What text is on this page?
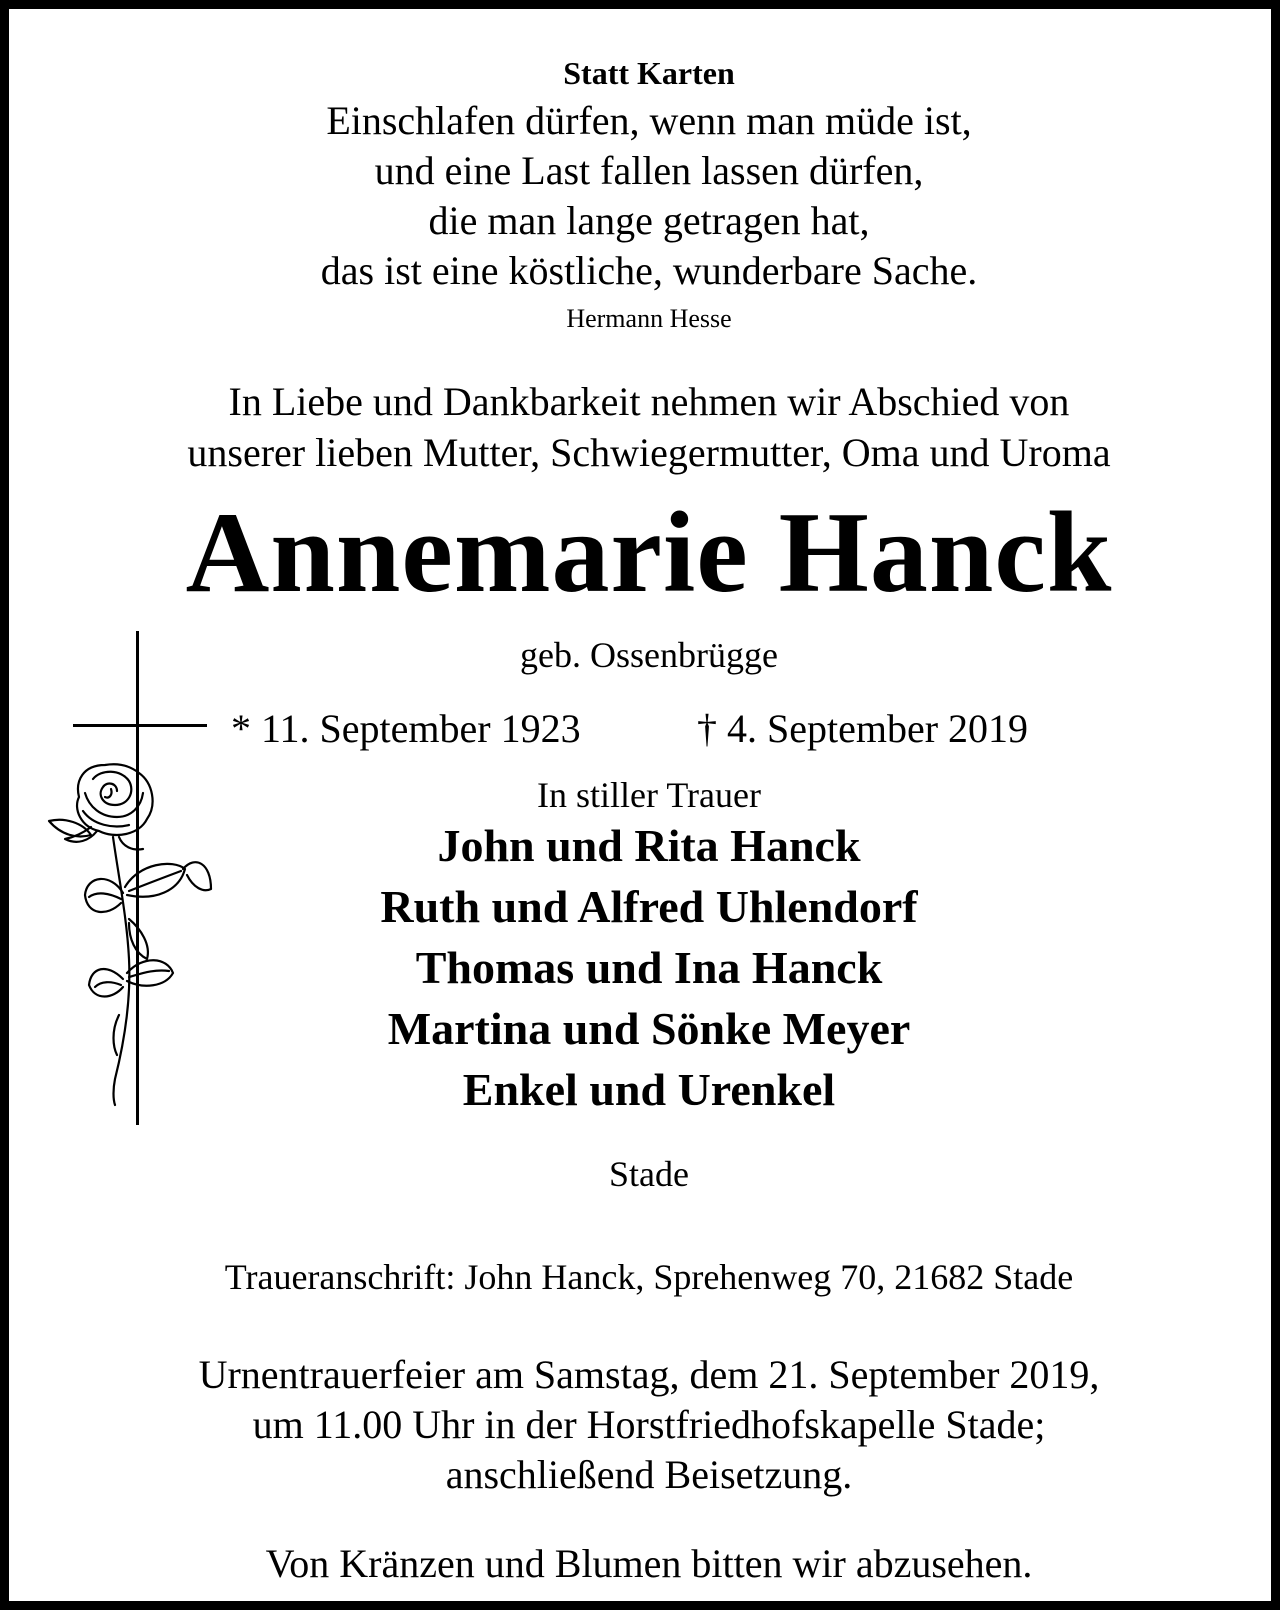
Statt Karten
Einschlafen dürfen, wenn man müde ist,
und eine Last fallen lassen dürfen,
die man lange getragen hat,
das ist eine köstliche, wunderbare Sache.
Hermann Hesse
In Liebe und Dankbarkeit nehmen wir Abschied von
unserer lieben Mutter, Schwiegermutter, Oma und Uroma
Annemarie Hanck
geb. Ossenbrügge
* 11. September 1923	† 4. September 2019
In stiller Trauer
John und Rita Hanck
Ruth und Alfred Uhlendorf
Thomas und Ina Hanck
Martina und Sönke Meyer
Enkel und Urenkel
Stade
Traueranschrift: John Hanck, Sprehenweg 70, 21682 Stade
Urnentrauerfeier am Samstag, dem 21. September 2019,
um 11.00 Uhr in der Horstfriedhofskapelle Stade;
anschließend Beisetzung.
Von Kränzen und Blumen bitten wir abzusehen.
